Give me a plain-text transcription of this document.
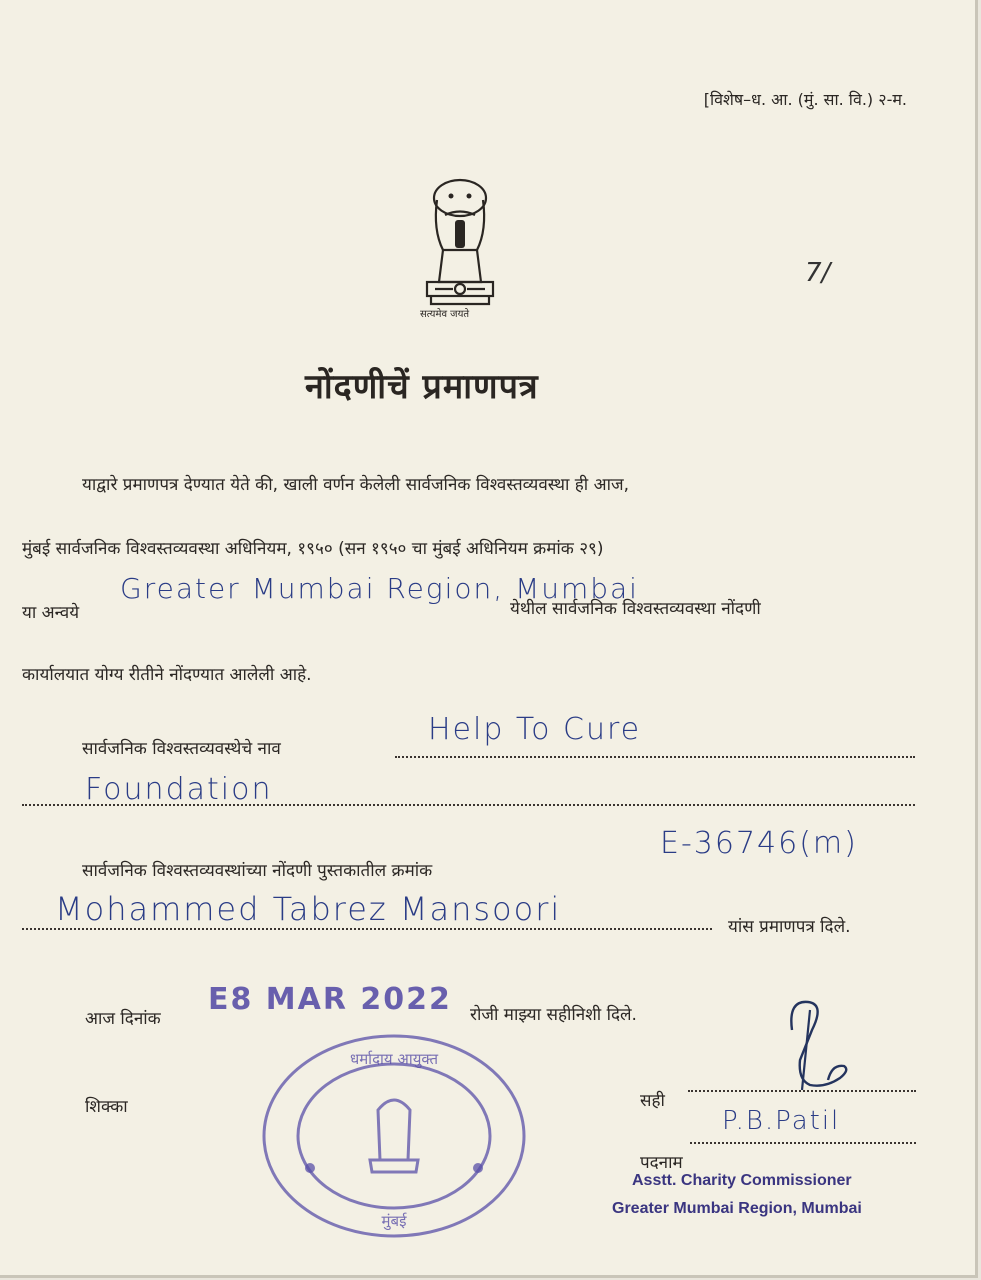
[विशेष–ध. आ. (मुं. सा. वि.) २-म.
सत्यमेव जयते
7/
नोंदणीचें प्रमाणपत्र
याद्वारे प्रमाणपत्र देण्यात येते की, खाली वर्णन केलेली सार्वजनिक विश्वस्तव्यवस्था ही आज,
मुंबई सार्वजनिक विश्वस्तव्यवस्था अधिनियम, १९५० (सन १९५० चा मुंबई अधिनियम क्रमांक २९)
या अन्वये
Greater Mumbai Region, Mumbai
येथील सार्वजनिक विश्वस्तव्यवस्था नोंदणी
कार्यालयात योग्य रीतीने नोंदण्यात आलेली आहे.
सार्वजनिक विश्वस्तव्यवस्थेचे नाव
Help To Cure
Foundation
सार्वजनिक विश्वस्तव्यवस्थांच्या नोंदणी पुस्तकातील क्रमांक
E-36746(m)
Mohammed Tabrez Mansoori	यांस प्रमाणपत्र दिले.
आज दिनांक
E8 MAR 2022 रोजी माझ्या सहीनिशी दिले.
शिक्का
धर्मादाय आयुक्त
मुंबई
सही
P.B.Patil
पदनाम
Asstt. Charity Commissioner
Greater Mumbai Region, Mumbai
